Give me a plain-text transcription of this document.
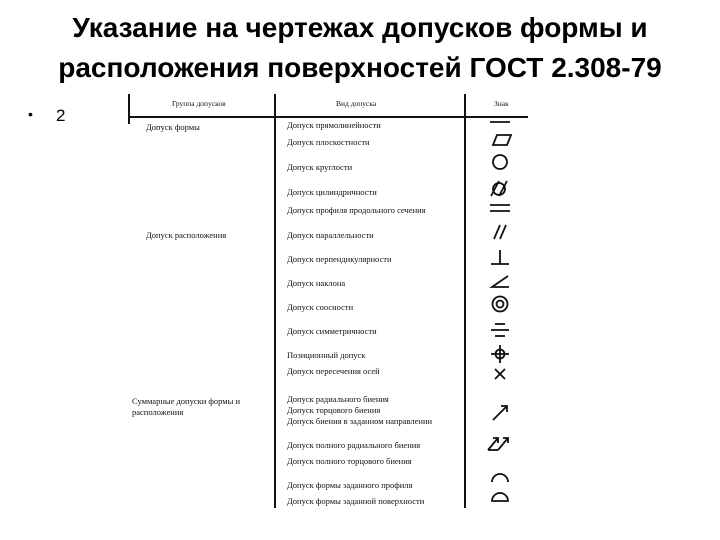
Указание на чертежах допусков формы и расположения поверхностей ГОСТ 2.308-79
• 2
Группа допусков	Вид допуска	Знак
Допуск формы
Допуск расположения
Суммарные допуски формы и расположения
Допуск прямолинейности
Допуск плоскостности
Допуск круглости
Допуск цилиндричности
Допуск профиля продольного сечения
Допуск параллельности
Допуск перпендикулярности
Допуск наклона
Допуск соосности
Допуск симметричности
Позиционный допуск
Допуск пересечения осей
Допуск радиального биения
Допуск торцового биения
Допуск биения в заданном направлении
Допуск полного радиального биения
Допуск полного торцового биения
Допуск формы заданного профиля
Допуск формы заданной поверхности
